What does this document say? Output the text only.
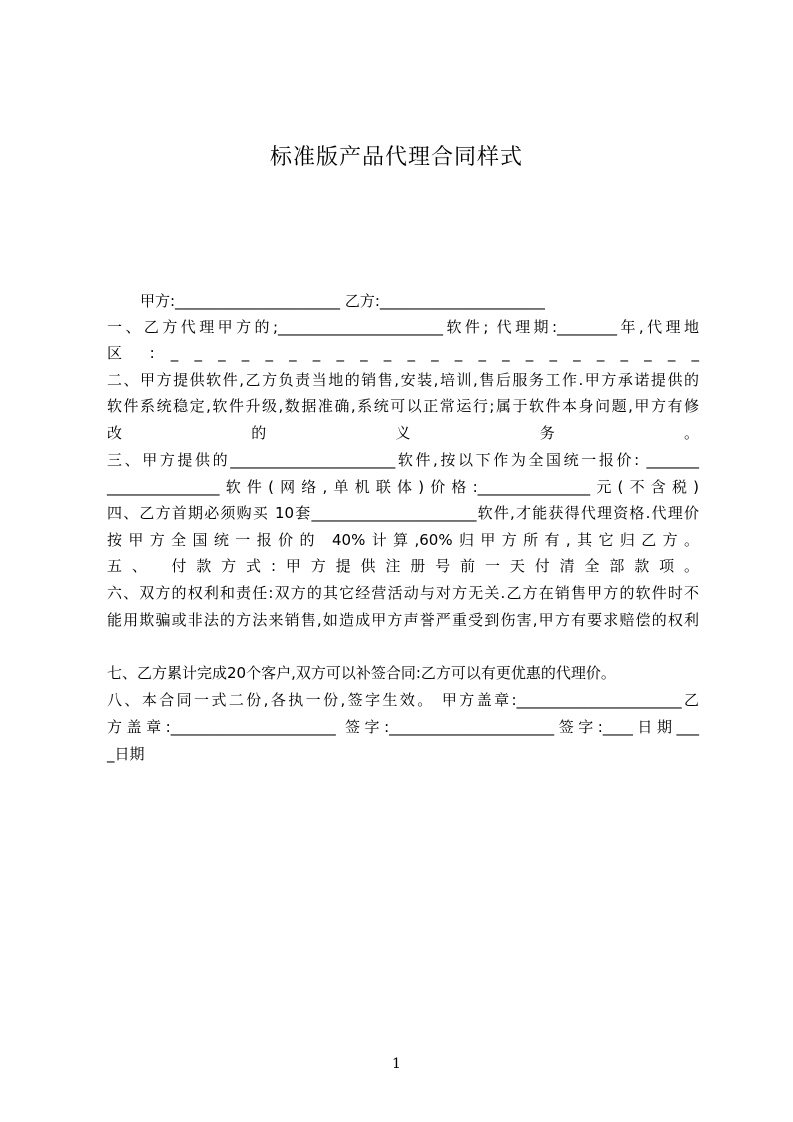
标准版产品代理合同样式
甲方:______________________ 乙方:______________________
一、乙方代理甲方的;______________________软件; 代理期:________年,代理地
区 : _ _ _ _ _ _ _ _ _ _ _ _ _ _ _ _ _ _ _ _ _ _ _
二、甲方提供软件,乙方负责当地的销售,安装,培训,售后服务工作.甲方承诺提供的
软件系统稳定,软件升级,数据准确,系统可以正常运行;属于软件本身问题,甲方有修
改 的 义 务 。
三、甲方提供的______________________软件,按以下作为全国统一报价: _______
_______________软件(网络,单机联体)价格:_______________元(不含税)
四、乙方首期必须购买 10套______________________软件,才能获得代理资格.代理价
按甲方全国统一报价的 40%计算,60%归甲方所有,其它归乙方。
五、 付款方式:甲方提供注册号前一天付清全部款项。
六、双方的权利和责任:双方的其它经营活动与对方无关.乙方在销售甲方的软件时不
能用欺骗或非法的方法来销售,如造成甲方声誉严重受到伤害,甲方有要求赔偿的权利
七、乙方累计完成20个客户,双方可以补签合同:乙方可以有更优惠的代理价。
八、本合同一式二份,各执一份,签字生效。 甲方盖章:______________________乙
方盖章:______________________ 签字:______________________签字:____日期___
_日期
1
